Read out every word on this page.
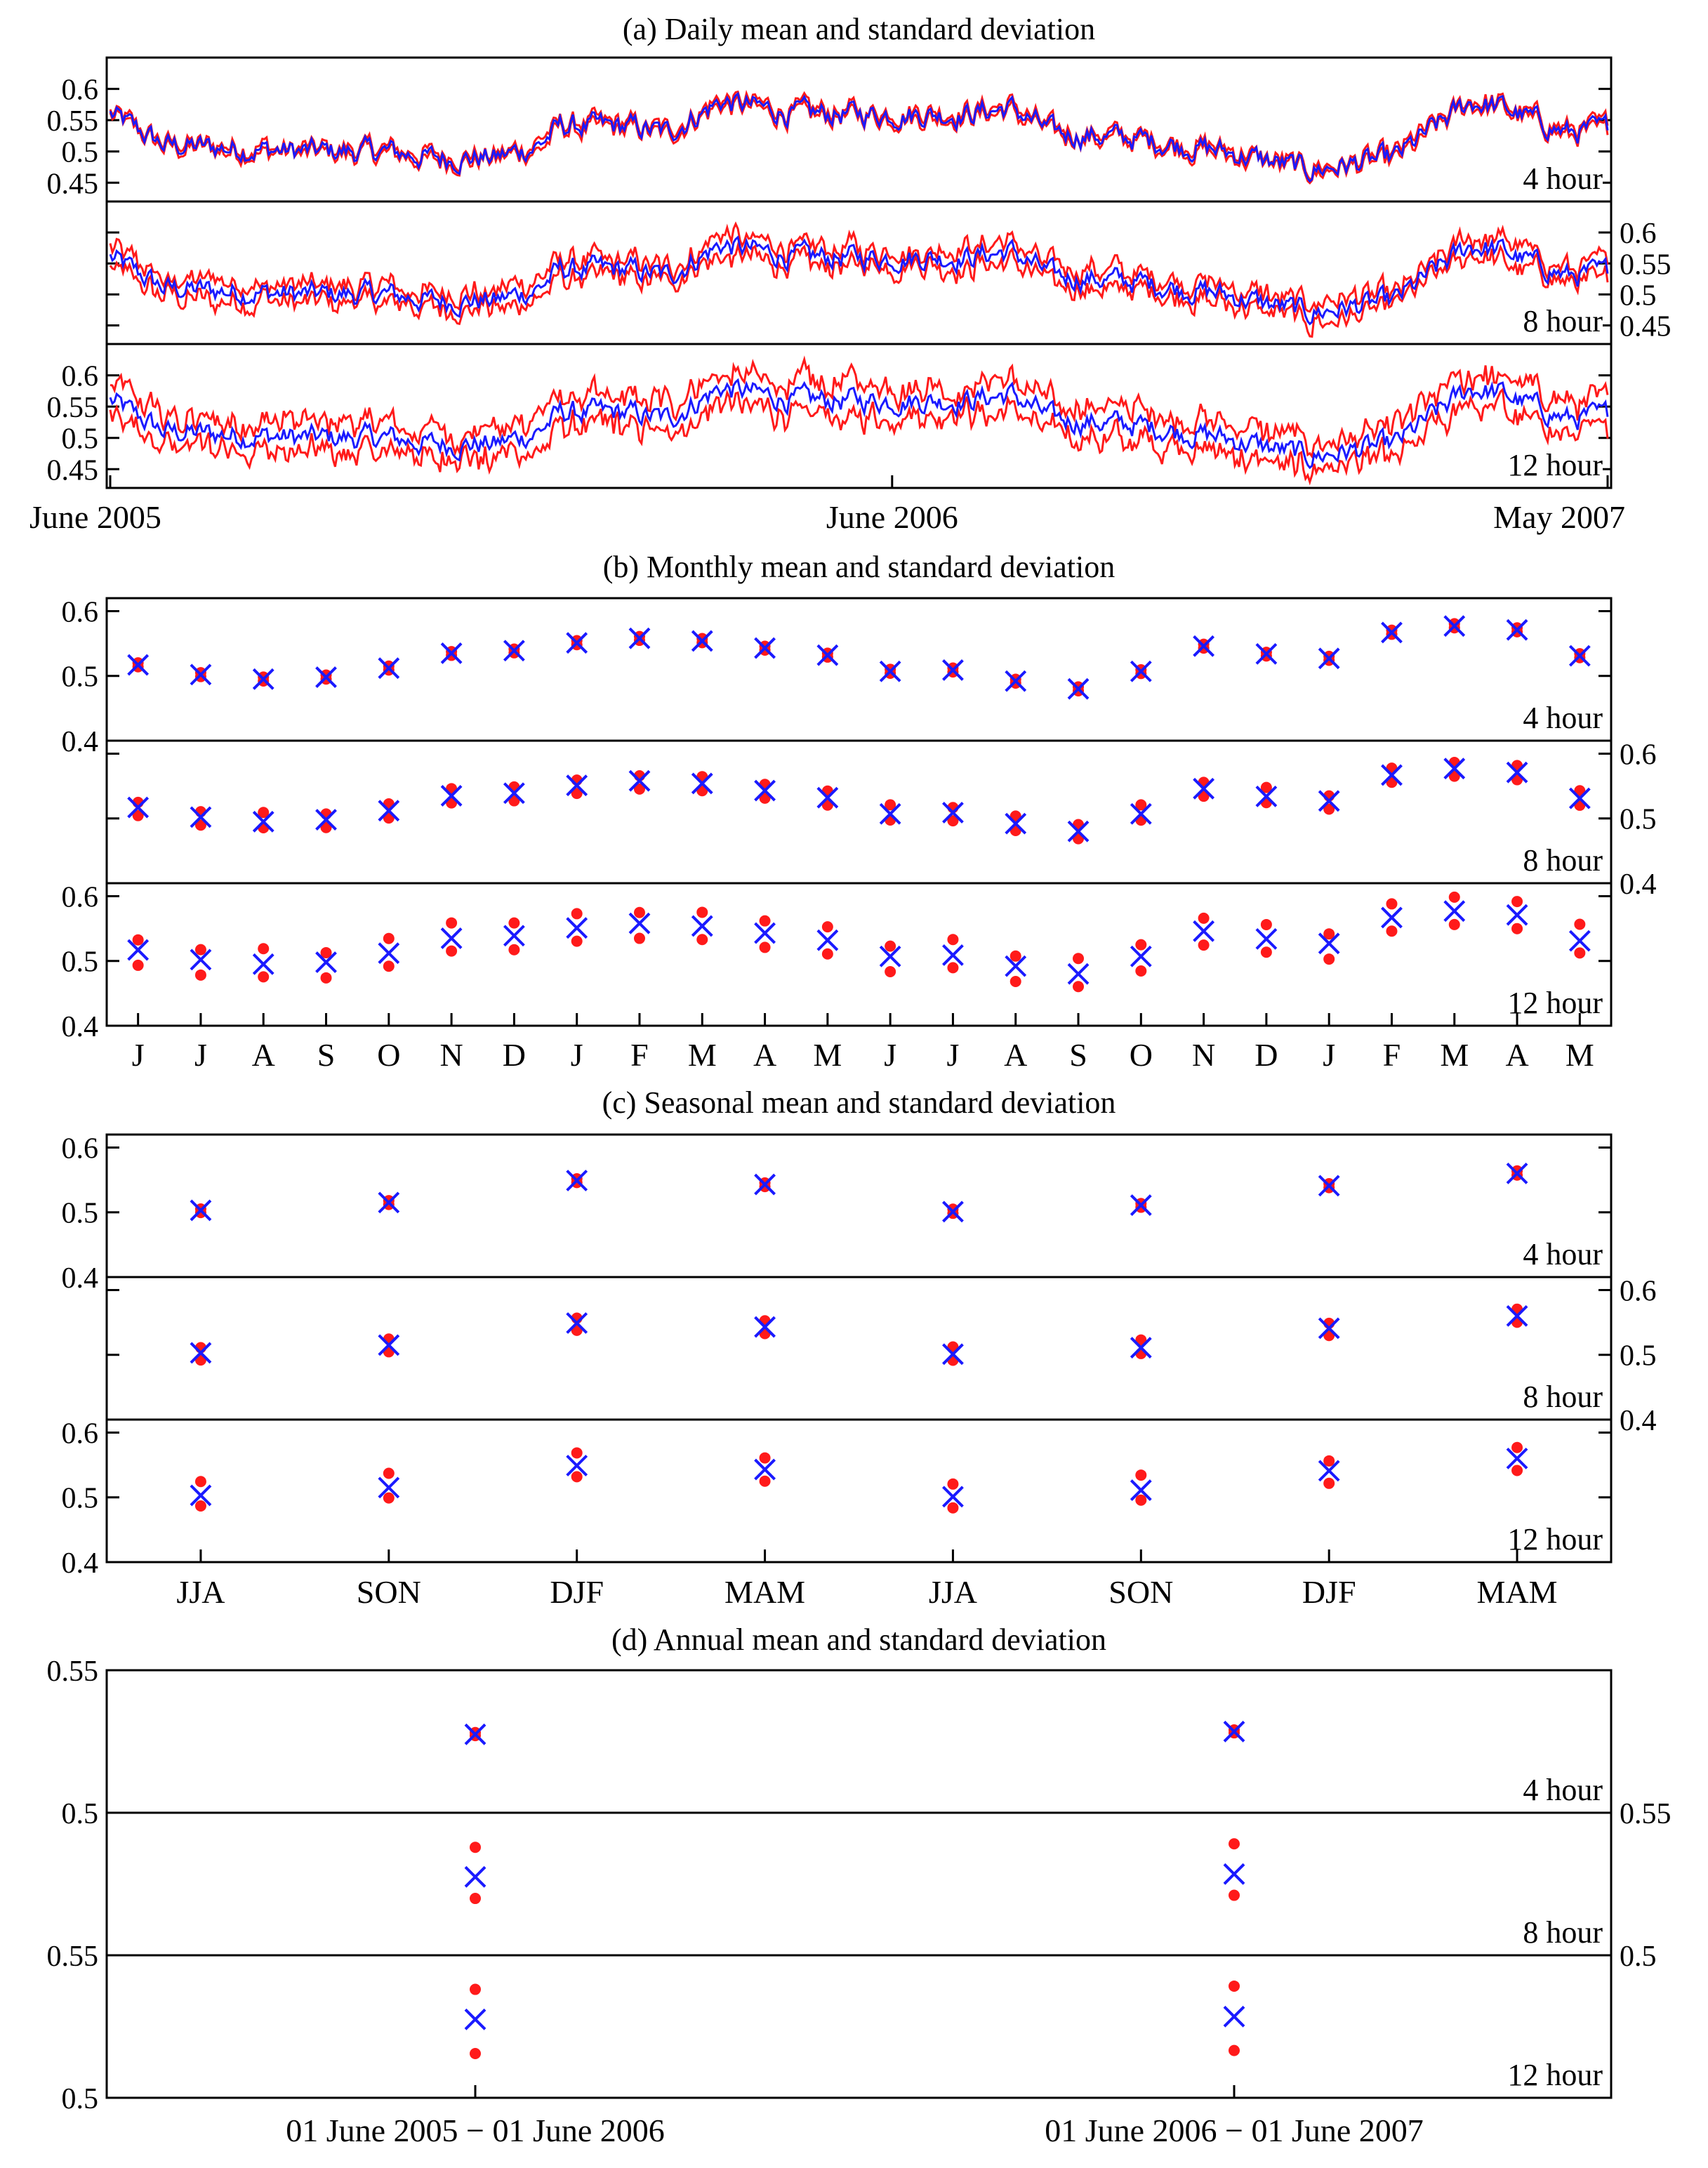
(a) Daily mean and standard deviation
0.6
0.55
0.5
0.45	4 hour
0.6
0.55
0.5
0.45
8 hour
0.6
0.55
0.5
0.45	12 hour
June 2005	June 2006	May 2007
(b) Monthly mean and standard deviation
0.6
0.5
0.4
4 hour
0.6
0.5
0.4
8 hour
0.6
0.5
0.4
12 hour
J J A S O N D J F M A M J J A S O N D J F M A M
(c) Seasonal mean and standard deviation
0.6
0.5
0.4
4 hour
0.6
0.5
0.4
8 hour
0.6
0.5
0.4
12 hour
JJA	SON	DJF	MAM	JJA	SON	DJF	MAM
(d) Annual mean and standard deviation
0.55
0.5
4 hour
0.55
0.5
8 hour
0.55
0.5
12 hour
01 June 2005 − 01 June 2006	01 June 2006 − 01 June 2007
